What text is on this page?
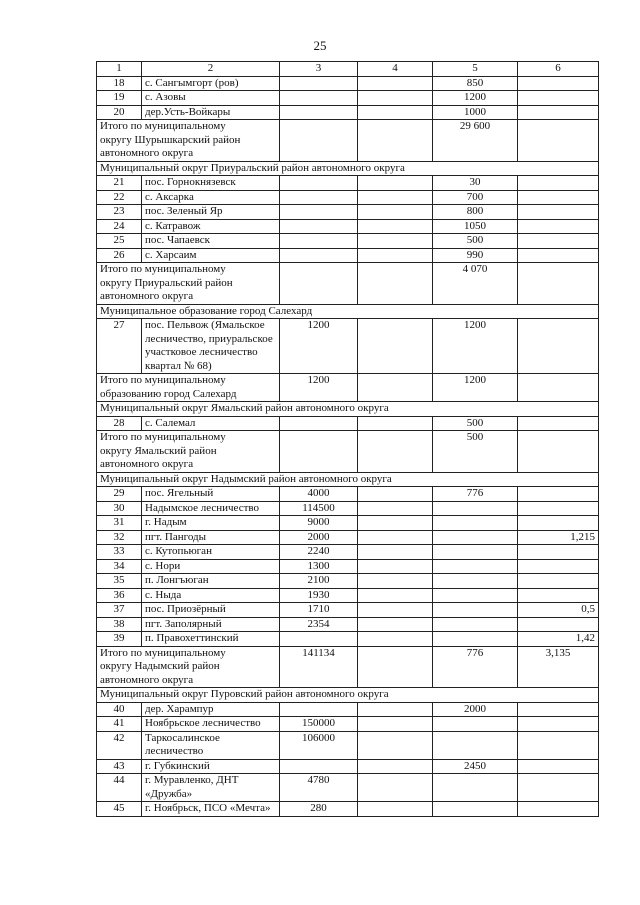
25
1	2	3	4	5	6
18	с. Сангымгорт (ров)			850	
19	с. Азовы			1200	
20	дер.Усть-Войкары			1000	

Итого по муниципальному
округу Шурышкарский район
автономного округа				29 600	
Муниципальный округ Приуральский район автономного округа					
21	пос. Горнокнязевск			30	
22	с. Аксарка			700	
23	пос. Зеленый Яр			800	
24	с. Катравож			1050	
25	пос. Чапаевск			500	
26	с. Харсаим			990	

Итого по муниципальному
округу Приуральский район
автономного округа				4 070	
Муниципальное образование город Салехард					
27	пос. Пельвож (Ямальское лесничество, приуральское участковое лесничество квартал № 68)	1200		1200	

Итого по муниципальному
образованию город Салехард		1200		1200	
Муниципальный округ Ямальский район автономного округа					
28	с. Салемал			500	

Итого по муниципальному
округу Ямальский район
автономного округа				500	
Муниципальный округ Надымский район автономного округа					
29	пос. Ягельный	4000		776	
30	Надымское лесничество	114500			
31	г. Надым	9000			
32	пгт. Пангоды	2000			1,215
33	с. Кутопьюган	2240			
34	с. Нори	1300			
35	п. Лонгъюган	2100			
36	с. Ныда	1930			
37	пос. Приозёрный	1710			0,5
38	пгт. Заполярный	2354			
39	п. Правохеттинский				1,42

Итого по муниципальному
округу Надымский район
автономного округа		141134		776	3,135
Муниципальный округ Пуровский район автономного округа					
40	дер. Харампур			2000	
41	Ноябрьское лесничество	150000			
42	Таркосалинское лесничество	106000			
43	г. Губкинский			2450	
44	г. Муравленко, ДНТ «Дружба»	4780			
45	г. Ноябрьск, ПСО «Мечта»	280			
